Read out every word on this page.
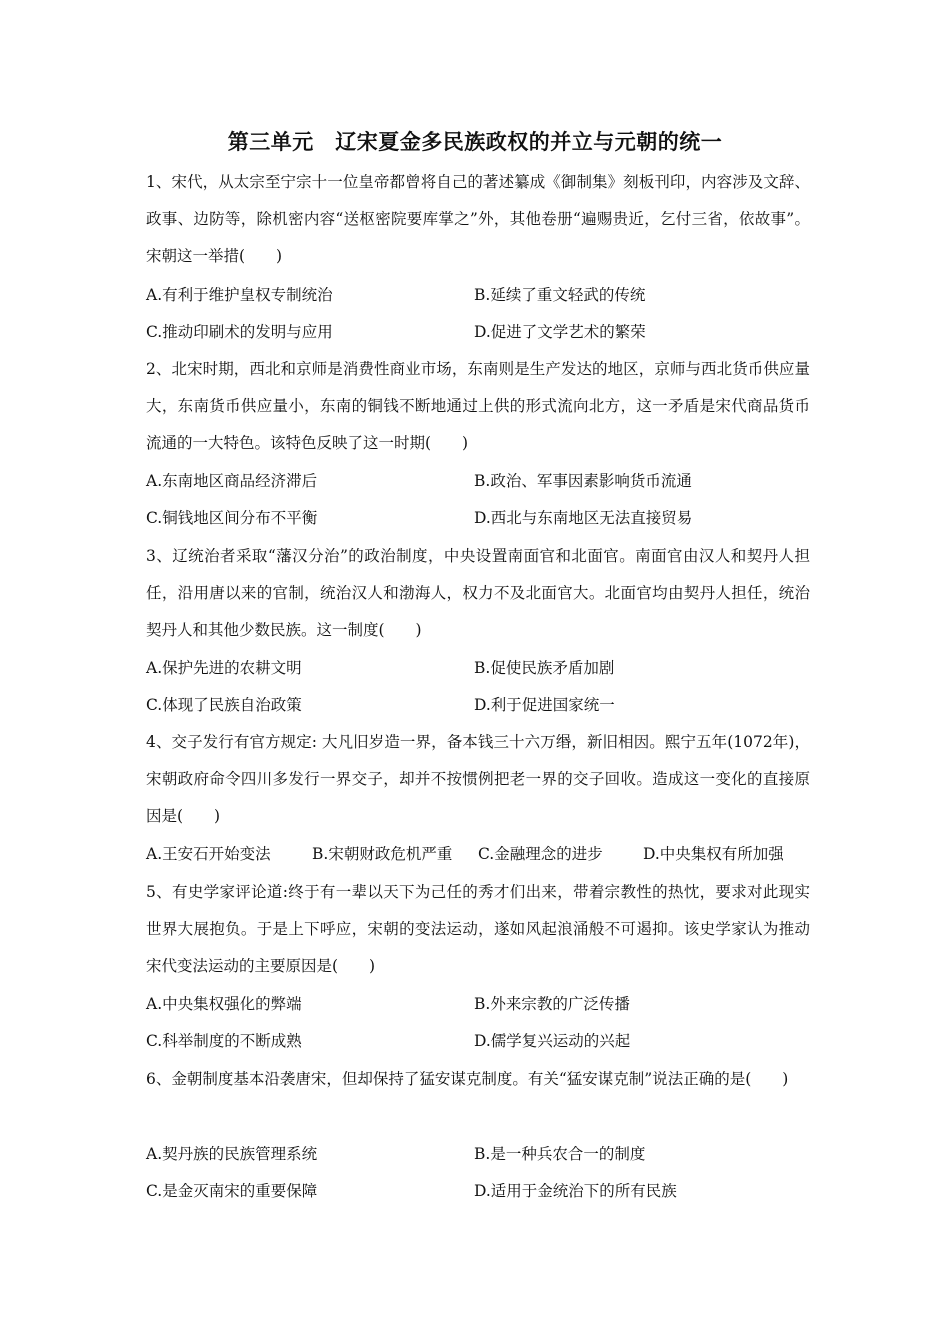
第三单元　辽宋夏金多民族政权的并立与元朝的统一
1、宋代，从太宗至宁宗十一位皇帝都曾将自己的著述纂成《御制集》刻板刊印，内容涉及文辞、政事、边防等，除机密内容“送枢密院要库掌之”外，其他卷册“遍赐贵近，乞付三省，依故事”。宋朝这一举措(　　)
A.有利于维护皇权专制统治	B.延续了重文轻武的传统
C.推动印刷术的发明与应用	D.促进了文学艺术的繁荣
2、北宋时期，西北和京师是消费性商业市场，东南则是生产发达的地区，京师与西北货币供应量大，东南货币供应量小，东南的铜钱不断地通过上供的形式流向北方，这一矛盾是宋代商品货币流通的一大特色。该特色反映了这一时期(　　)
A.东南地区商品经济滞后	B.政治、军事因素影响货币流通
C.铜钱地区间分布不平衡	D.西北与东南地区无法直接贸易
3、辽统治者采取“藩汉分治”的政治制度，中央设置南面官和北面官。南面官由汉人和契丹人担任，沿用唐以来的官制，统治汉人和渤海人，权力不及北面官大。北面官均由契丹人担任，统治契丹人和其他少数民族。这一制度(　　)
A.保护先进的农耕文明	B.促使民族矛盾加剧
C.体现了民族自治政策	D.利于促进国家统一
4、交子发行有官方规定: 大凡旧岁造一界，备本钱三十六万缗，新旧相因。熙宁五年(1072年)，宋朝政府命令四川多发行一界交子，却并不按惯例把老一界的交子回收。造成这一变化的直接原因是(　　)
A.王安石开始变法	B.宋朝财政危机严重 C.金融理念的进步	D.中央集权有所加强
5、有史学家评论道:终于有一辈以天下为己任的秀才们出来，带着宗教性的热忱，要求对此现实世界大展抱负。于是上下呼应，宋朝的变法运动，遂如风起浪涌般不可遏抑。该史学家认为推动宋代变法运动的主要原因是(　　)
A.中央集权强化的弊端	B.外来宗教的广泛传播
C.科举制度的不断成熟	D.儒学复兴运动的兴起
6、金朝制度基本沿袭唐宋，但却保持了猛安谋克制度。有关“猛安谋克制”说法正确的是(　　)
A.契丹族的民族管理系统	B.是一种兵农合一的制度
C.是金灭南宋的重要保障	D.适用于金统治下的所有民族
